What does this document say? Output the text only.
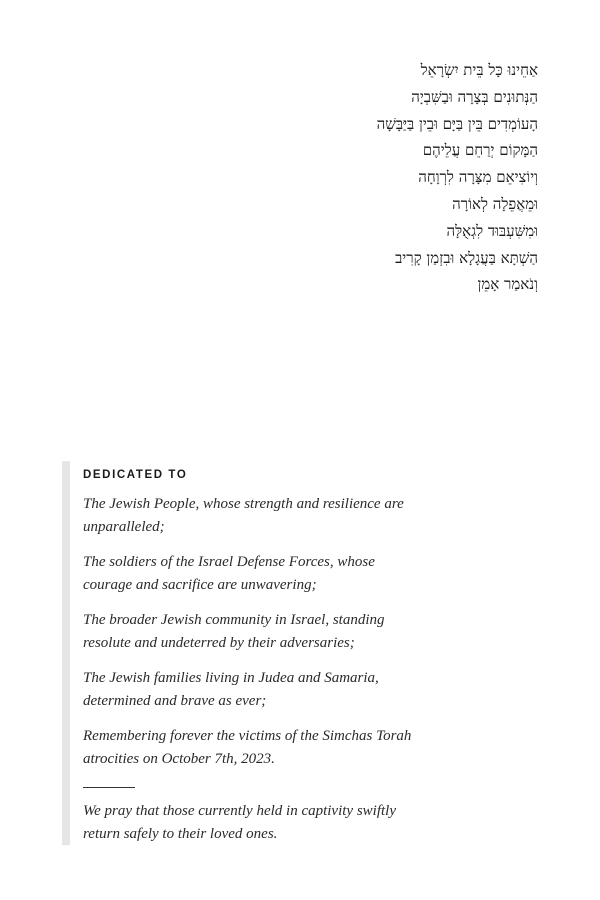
אַחֵינוּ כָּל בֵּית יִשְׂרָאֵל
הַנְּתוּנִים בְּצָרָה וּבַשִּׁבְיָה
הָעוֹמְדִים בֵּין בַּיָּם וּבֵין בַּיַּבָּשָׁה
הַמָּקוֹם יְרַחֵם עֲלֵיהֶם
וְיוֹצִיאֵם מִצָּרָה לִרְוָחָה
וּמֵאֲפֵלָה לְאוֹרָה
וּמִשִּׁעְבּוּד לִגְאֻלָּה
הַשְׁתָּא בַּעֲגָלָא וּבִזְמַן קָרִיב
וְנֹאמַר אָמֵן
DEDICATED TO

The Jewish People, whose strength and resilience are unparalleled;

The soldiers of the Israel Defense Forces, whose courage and sacrifice are unwavering;

The broader Jewish community in Israel, standing resolute and undeterred by their adversaries;

The Jewish families living in Judea and Samaria, determined and brave as ever;

Remembering forever the victims of the Simchas Torah atrocities on October 7th, 2023.

We pray that those currently held in captivity swiftly return safely to their loved ones.
